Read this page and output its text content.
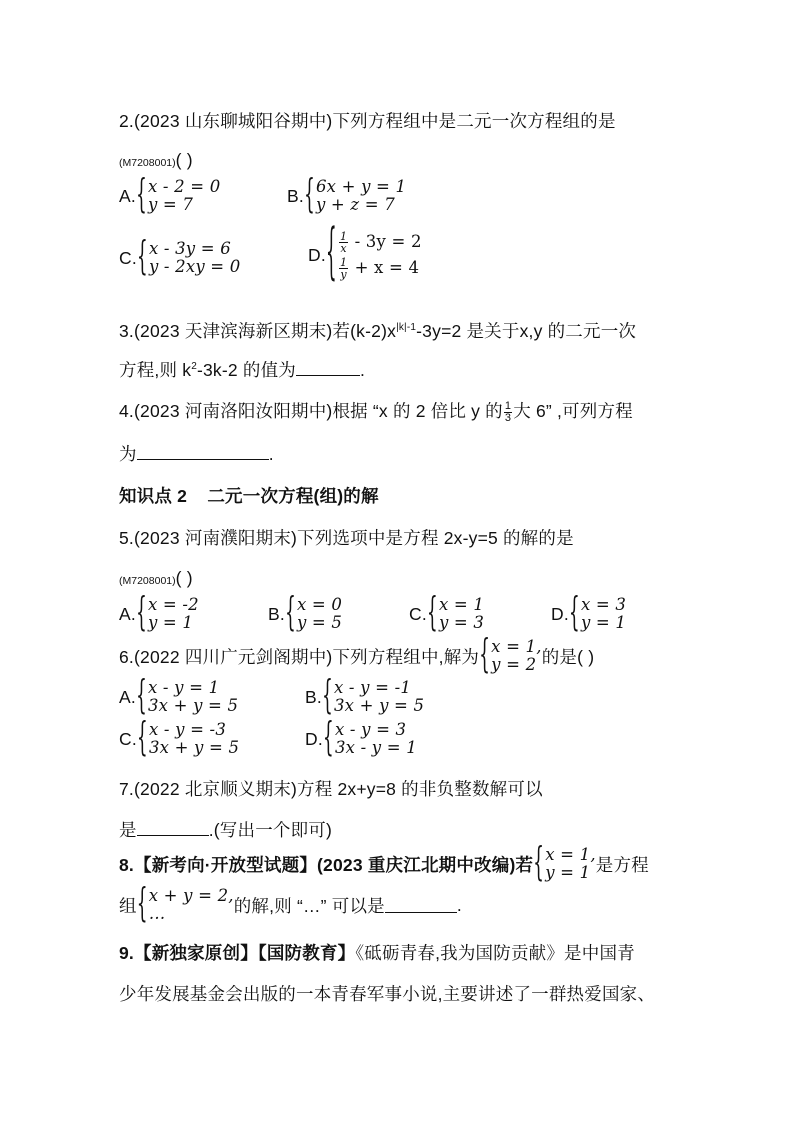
2.(2023 山东聊城阳谷期中)下列方程组中是二元一次方程组的是
(M7208001)( )
A. { x - 2 = 0
y = 7	B. { 6x + y = 1
y + z = 7
C. { x - 3y = 6
y - 2xy = 0
D. { $\frac{1}{x} - 3y = 2$
$\frac{1}{y} + x = 4$
3.(2023 天津滨海新区期末)若$(k-2)x^{|k|-1}-3y=2$ 是关于x,y 的二元一次
方程,则 $k^2-3k-2$ 的值为	.
4.(2023 河南洛阳汝阳期中)根据 “x 的 2 倍比 y 的 $\frac{1}{3}$ 大 6” ,可列方程
为	.
知识点 2    二元一次方程(组)的解
5.(2023 河南濮阳期末)下列选项中是方程 2x-y=5 的解的是
(M7208001)( )
A. { x = -2
y = 1	B. { x = 0
y = 5	C. { x = 1
y = 3	D. { x = 3
y = 1
6.(2022 四川广元剑阁期中)下列方程组中,解为 { x = 1,
y = 2 的是( )
A. { x - y = 1
3x + y = 5	B. { x - y = -1
3x + y = 5
C. { x - y = -3
3x + y = 5	D. { x - y = 3
3x - y = 1
7.(2022 北京顺义期末)方程 2x+y=8 的非负整数解可以
是	.(写出一个即可)
8.【新考向·开放型试题】(2023 重庆江北期中改编)若 { x = 1,
y = 1 是方程
组 { x + y = 2,
…	的解,则 “…” 可以是	.
9.【新独家原创】【国防教育】《砥砺青春,我为国防贡献》是中国青
少年发展基金会出版的一本青春军事小说,主要讲述了一群热爱国家、
